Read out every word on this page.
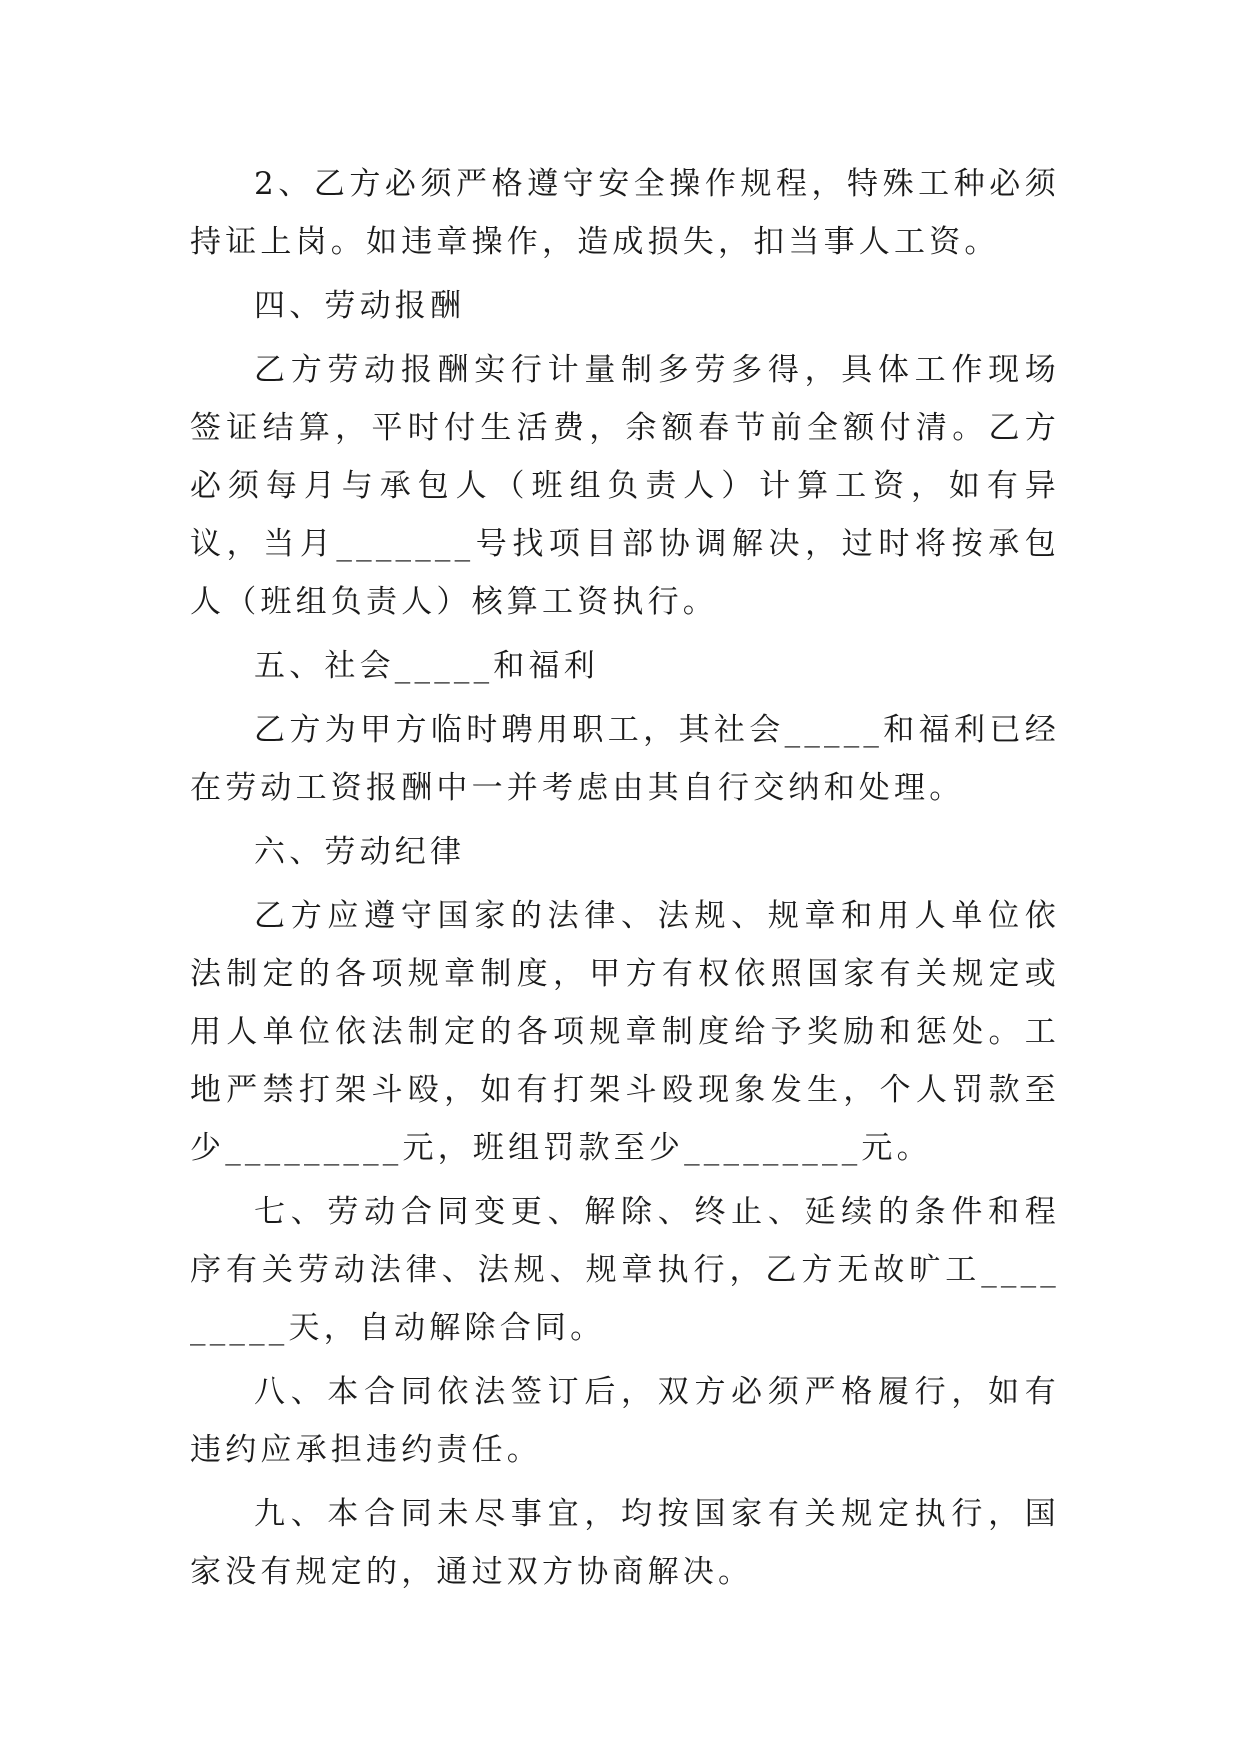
2、乙方必须严格遵守安全操作规程，特殊工种必须持证上岗。如违章操作，造成损失，扣当事人工资。

四、劳动报酬

乙方劳动报酬实行计量制多劳多得，具体工作现场签证结算，平时付生活费，余额春节前全额付清。乙方必须每月与承包人（班组负责人）计算工资，如有异议，当月_______号找项目部协调解决，过时将按承包人（班组负责人）核算工资执行。

五、社会_____和福利

乙方为甲方临时聘用职工，其社会_____和福利已经在劳动工资报酬中一并考虑由其自行交纳和处理。

六、劳动纪律

乙方应遵守国家的法律、法规、规章和用人单位依法制定的各项规章制度，甲方有权依照国家有关规定或用人单位依法制定的各项规章制度给予奖励和惩处。工地严禁打架斗殴，如有打架斗殴现象发生，个人罚款至少_________元，班组罚款至少_________元。

七、劳动合同变更、解除、终止、延续的条件和程序有关劳动法律、法规、规章执行，乙方无故旷工_________天，自动解除合同。

八、本合同依法签订后，双方必须严格履行，如有违约应承担违约责任。

九、本合同未尽事宜，均按国家有关规定执行，国家没有规定的，通过双方协商解决。
